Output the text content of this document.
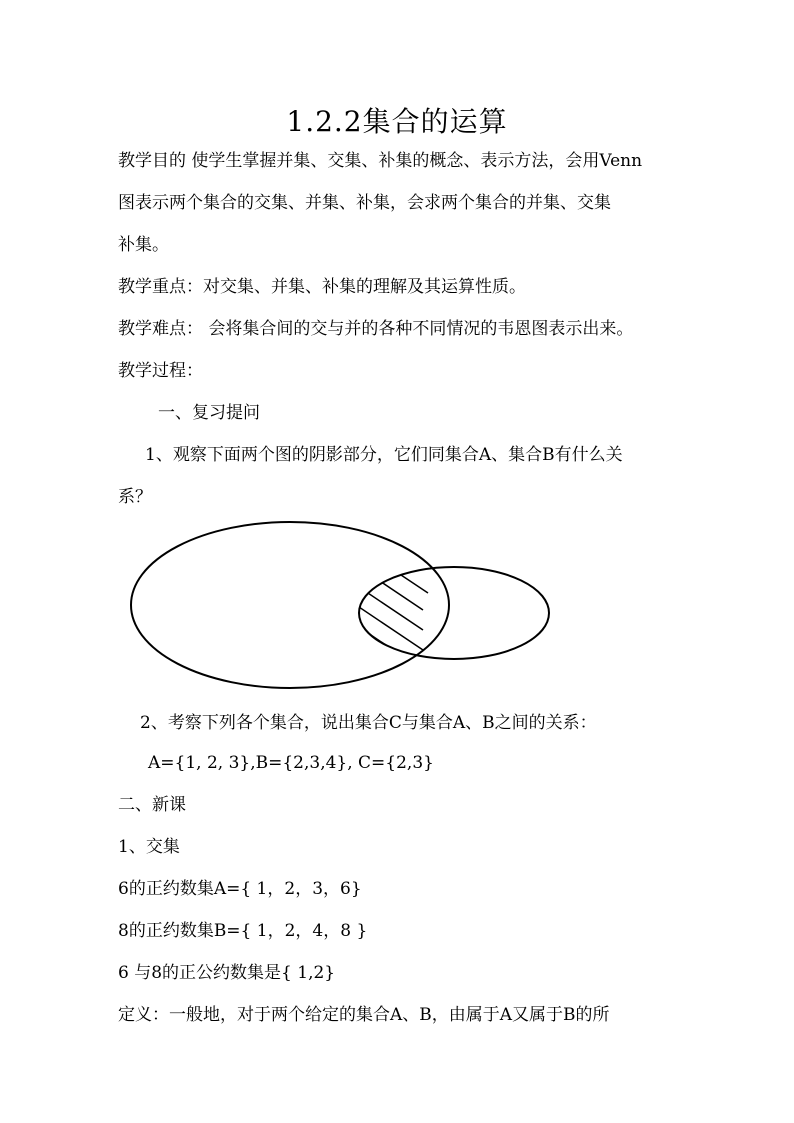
1.2.2集合的运算
教学目的 使学生掌握并集、交集、补集的概念、表示方法，会用Venn
图表示两个集合的交集、并集、补集，会求两个集合的并集、交集
补集。
教学重点：对交集、并集、补集的理解及其运算性质。
教学难点： 会将集合间的交与并的各种不同情况的韦恩图表示出来。
教学过程：
一、复习提问
1、观察下面两个图的阴影部分，它们同集合A、集合B有什么关
系？
2、考察下列各个集合，说出集合C与集合A、B之间的关系：
A={1, 2, 3},B={2,3,4}, C={2,3}
二、新课
1、交集
6的正约数集A={ 1，2，3，6}
8的正约数集B={ 1，2，4，8 }
6 与8的正公约数集是{ 1,2}
定义：一般地，对于两个给定的集合A、B，由属于A又属于B的所
